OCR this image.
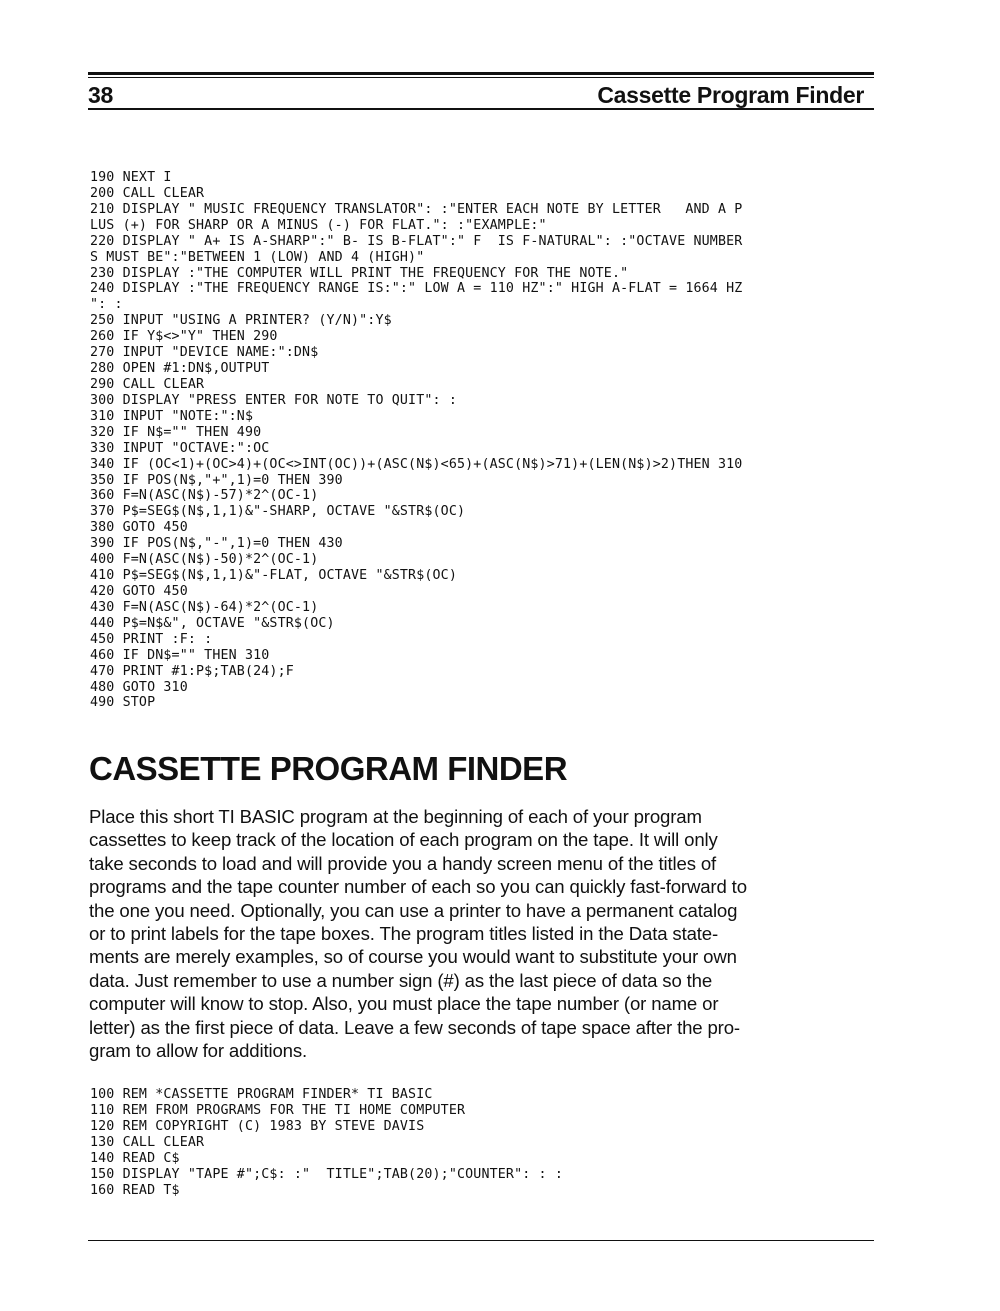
38	Cassette Program Finder
190 NEXT I
200 CALL CLEAR
210 DISPLAY " MUSIC FREQUENCY TRANSLATOR": :"ENTER EACH NOTE BY LETTER   AND A P
LUS (+) FOR SHARP OR A MINUS (-) FOR FLAT.": :"EXAMPLE:"
220 DISPLAY " A+ IS A-SHARP":" B- IS B-FLAT":" F  IS F-NATURAL": :"OCTAVE NUMBER
S MUST BE":"BETWEEN 1 (LOW) AND 4 (HIGH)"
230 DISPLAY :"THE COMPUTER WILL PRINT THE FREQUENCY FOR THE NOTE."
240 DISPLAY :"THE FREQUENCY RANGE IS:":" LOW A = 110 HZ":" HIGH A-FLAT = 1664 HZ
": :
250 INPUT "USING A PRINTER? (Y/N)":Y$
260 IF Y$<>"Y" THEN 290
270 INPUT "DEVICE NAME:":DN$
280 OPEN #1:DN$,OUTPUT
290 CALL CLEAR
300 DISPLAY "PRESS ENTER FOR NOTE TO QUIT": :
310 INPUT "NOTE:":N$
320 IF N$="" THEN 490
330 INPUT "OCTAVE:":OC
340 IF (OC<1)+(OC>4)+(OC<>INT(OC))+(ASC(N$)<65)+(ASC(N$)>71)+(LEN(N$)>2)THEN 310
350 IF POS(N$,"+",1)=0 THEN 390
360 F=N(ASC(N$)-57)*2^(OC-1)
370 P$=SEG$(N$,1,1)&"-SHARP, OCTAVE "&STR$(OC)
380 GOTO 450
390 IF POS(N$,"-",1)=0 THEN 430
400 F=N(ASC(N$)-50)*2^(OC-1)
410 P$=SEG$(N$,1,1)&"-FLAT, OCTAVE "&STR$(OC)
420 GOTO 450
430 F=N(ASC(N$)-64)*2^(OC-1)
440 P$=N$&", OCTAVE "&STR$(OC)
450 PRINT :F: :
460 IF DN$="" THEN 310
470 PRINT #1:P$;TAB(24);F
480 GOTO 310
490 STOP
CASSETTE PROGRAM FINDER
Place this short TI BASIC program at the beginning of each of your program
cassettes to keep track of the location of each program on the tape. It will only
take seconds to load and will provide you a handy screen menu of the titles of
programs and the tape counter number of each so you can quickly fast-forward to
the one you need. Optionally, you can use a printer to have a permanent catalog
or to print labels for the tape boxes. The program titles listed in the Data state-
ments are merely examples, so of course you would want to substitute your own
data. Just remember to use a number sign (#) as the last piece of data so the
computer will know to stop. Also, you must place the tape number (or name or
letter) as the first piece of data. Leave a few seconds of tape space after the pro-
gram to allow for additions.
100 REM *CASSETTE PROGRAM FINDER* TI BASIC
110 REM FROM PROGRAMS FOR THE TI HOME COMPUTER
120 REM COPYRIGHT (C) 1983 BY STEVE DAVIS
130 CALL CLEAR
140 READ C$
150 DISPLAY "TAPE #";C$: :"  TITLE";TAB(20);"COUNTER": : :
160 READ T$
